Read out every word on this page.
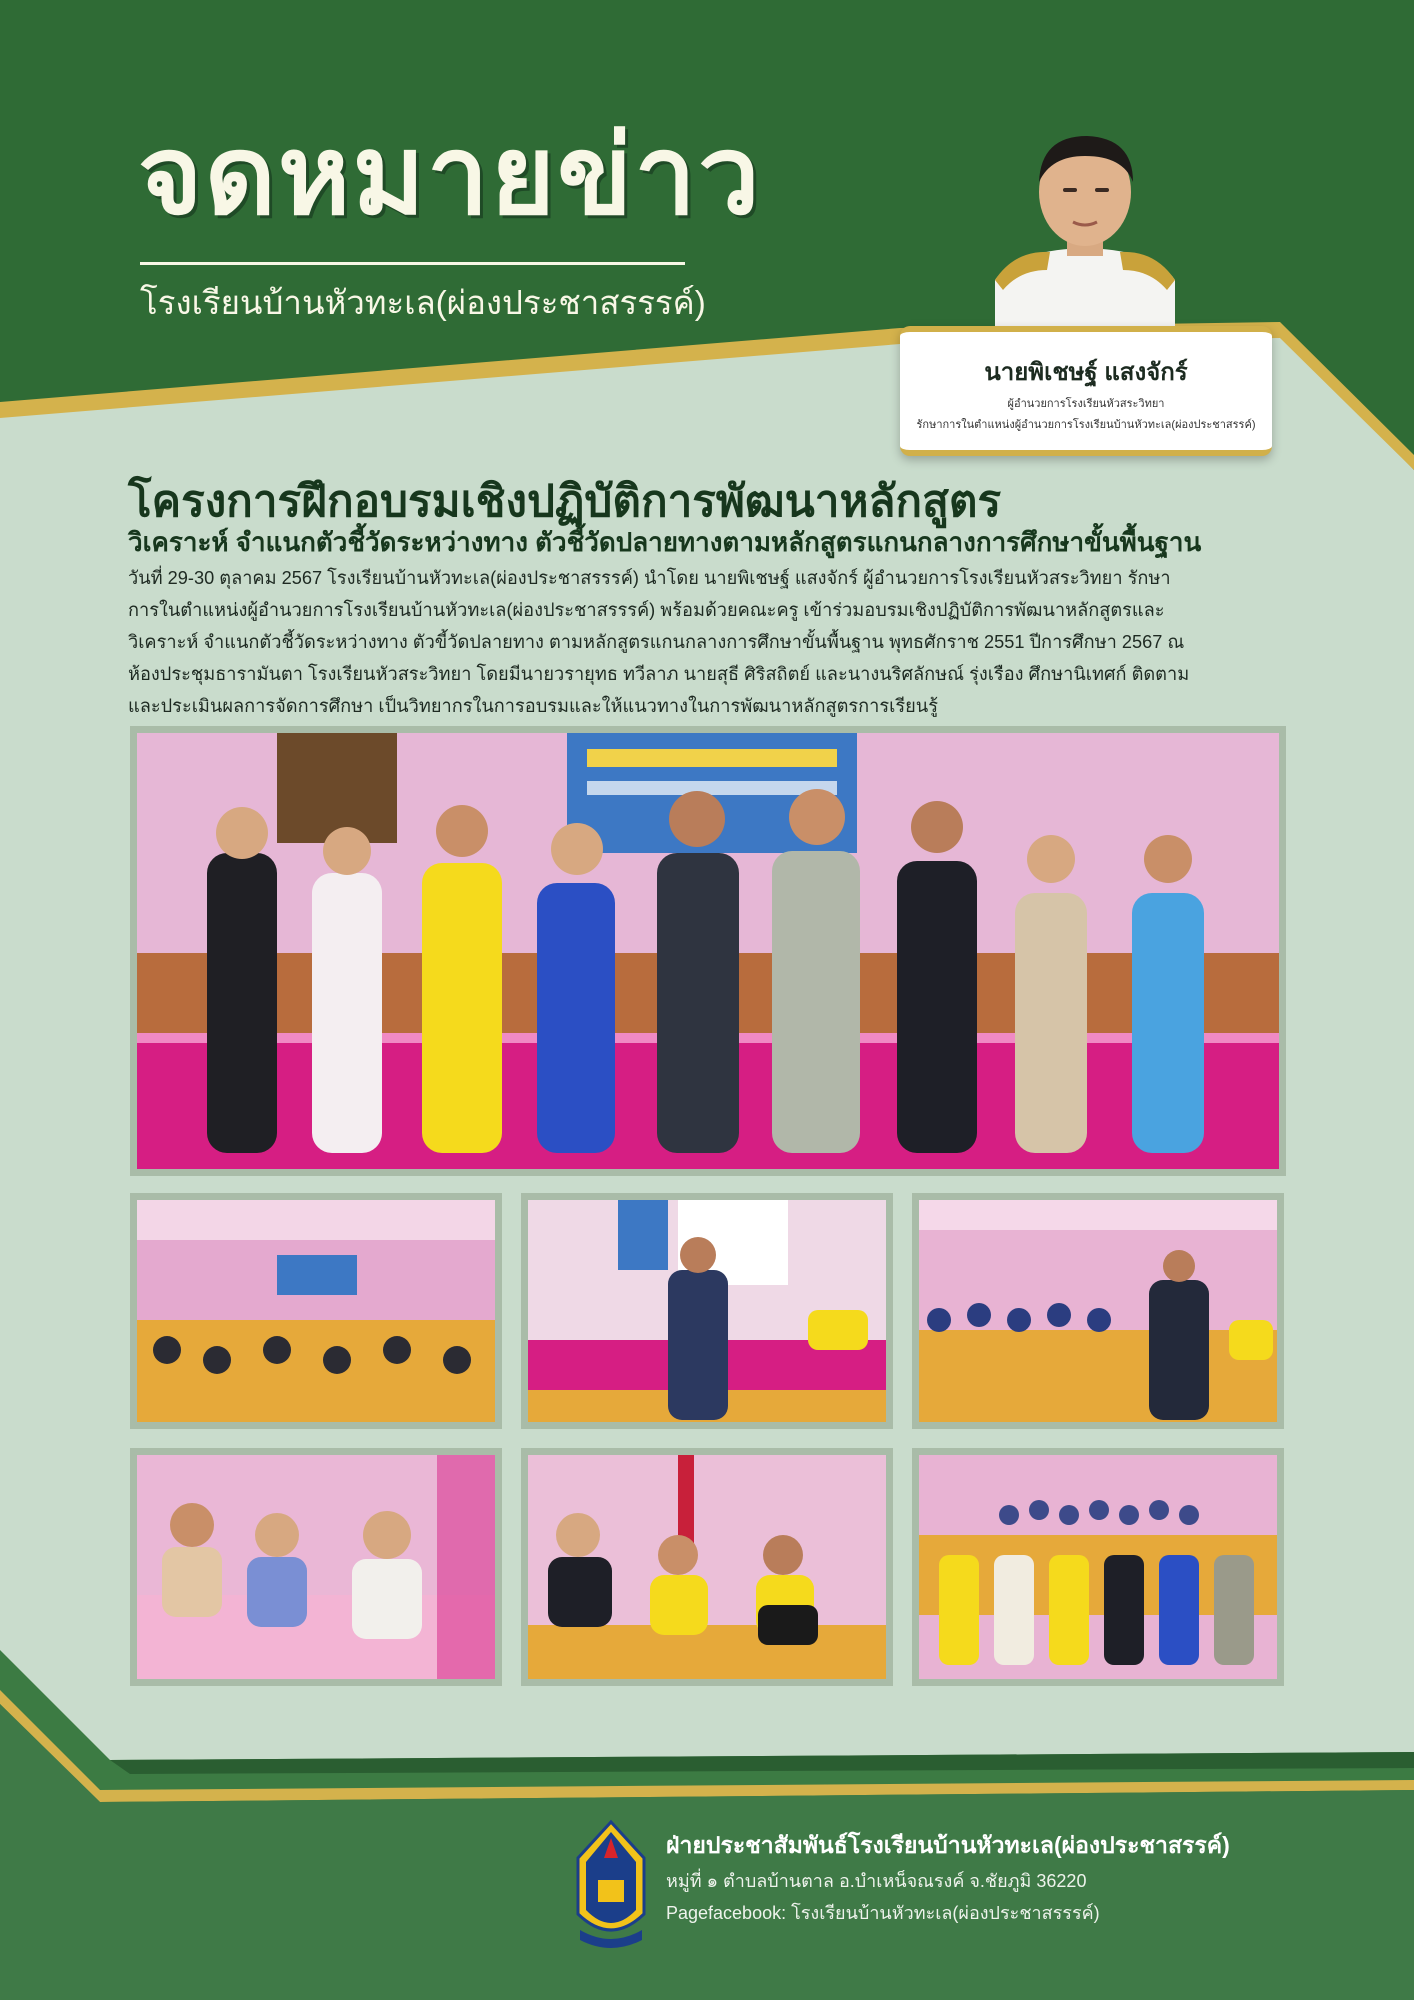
จดหมายข่าว
โรงเรียนบ้านหัวทะเล(ผ่องประชาสรรรค์)
นายพิเชษฐ์ แสงจักร์
ผู้อำนวยการโรงเรียนหัวสระวิทยา
รักษาการในตำแหน่งผู้อำนวยการโรงเรียนบ้านหัวทะเล(ผ่องประชาสรรค์)
โครงการฝึกอบรมเชิงปฏิบัติการพัฒนาหลักสูตร
วิเคราะห์ จำแนกตัวชี้วัดระหว่างทาง ตัวชี้วัดปลายทางตามหลักสูตรแกนกลางการศึกษาขั้นพื้นฐาน
วันที่ 29-30 ตุลาคม 2567 โรงเรียนบ้านหัวทะเล(ผ่องประชาสรรรค์) นำโดย นายพิเชษฐ์ แสงจักร์ ผู้อำนวยการโรงเรียนหัวสระวิทยา รักษา
การในตำแหน่งผู้อำนวยการโรงเรียนบ้านหัวทะเล(ผ่องประชาสรรรค์) พร้อมด้วยคณะครู เข้าร่วมอบรมเชิงปฏิบัติการพัฒนาหลักสูตรและ
วิเคราะห์ จำแนกตัวชี้วัดระหว่างทาง ตัวขี้วัดปลายทาง ตามหลักสูตรแกนกลางการศึกษาขั้นพื้นฐาน พุทธศักราช 2551 ปีการศึกษา 2567 ณ
ห้องประชุมธารามันตา โรงเรียนหัวสระวิทยา โดยมีนายวรายุทธ ทวีลาภ นายสุธี ศิริสถิตย์ และนางนริศลักษณ์ รุ่งเรือง ศึกษานิเทศก์ ติดตาม
และประเมินผลการจัดการศึกษา เป็นวิทยากรในการอบรมและให้แนวทางในการพัฒนาหลักสูตรการเรียนรู้
ฝ่ายประชาสัมพันธ์โรงเรียนบ้านหัวทะเล(ผ่องประชาสรรค์)
หมู่ที่ ๑ ตำบลบ้านตาล อ.บำเหน็จณรงค์ จ.ชัยภูมิ 36220
Pagefacebook: โรงเรียนบ้านหัวทะเล(ผ่องประชาสรรรค์)
